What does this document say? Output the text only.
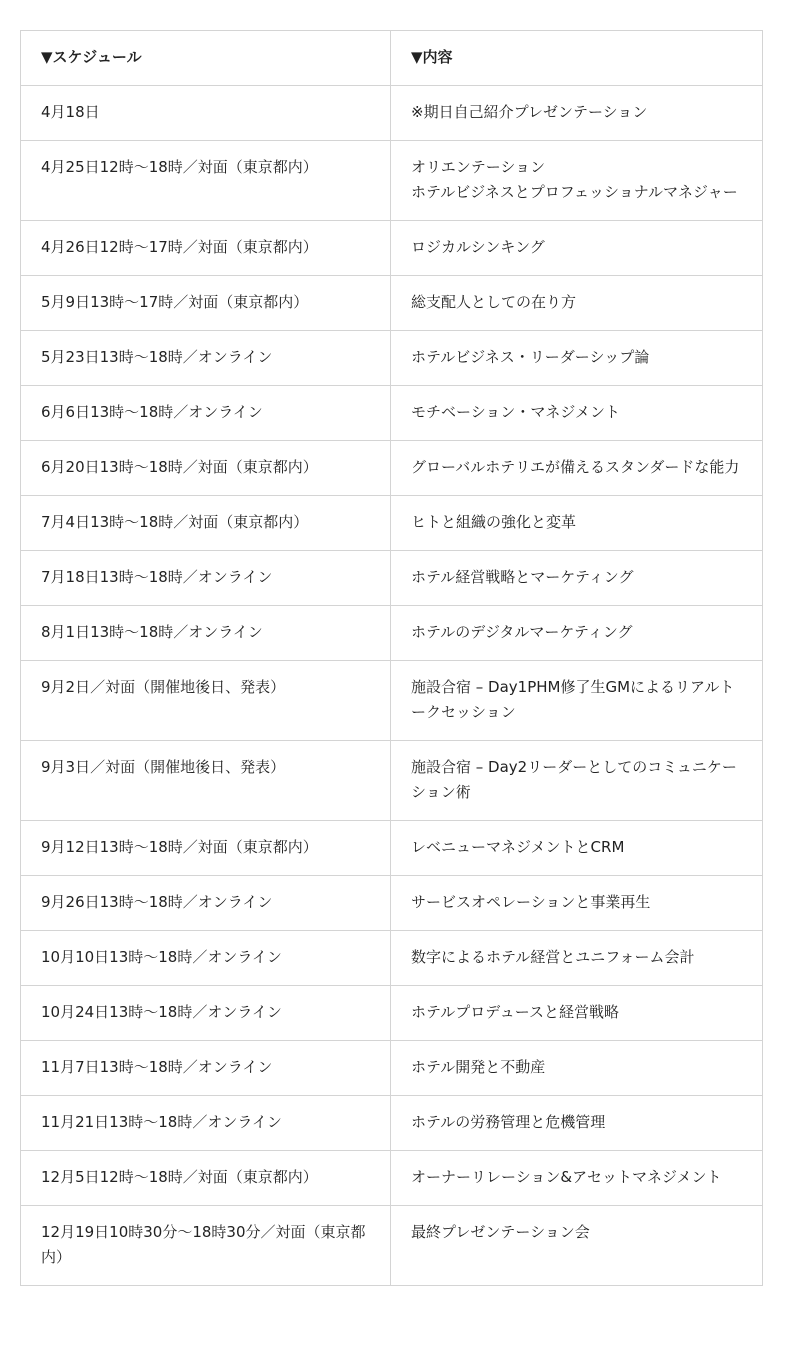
▼スケジュール	▼内容
4月18日	※期日自己紹介プレゼンテーション
4月25日12時〜18時／対面（東京都内）	オリエンテーション
ホテルビジネスとプロフェッショナルマネジャー
4月26日12時〜17時／対面（東京都内）	ロジカルシンキング
5月9日13時〜17時／対面（東京都内）	総支配人としての在り方
5月23日13時〜18時／オンライン	ホテルビジネス・リーダーシップ論
6月6日13時〜18時／オンライン	モチベーション・マネジメント
6月20日13時〜18時／対面（東京都内）	グローバルホテリエが備えるスタンダードな能力
7月4日13時〜18時／対面（東京都内）	ヒトと組織の強化と変革
7月18日13時〜18時／オンライン	ホテル経営戦略とマーケティング
8月1日13時〜18時／オンライン	ホテルのデジタルマーケティング
9月2日／対面（開催地後日、発表）	施設合宿 – Day1PHM修了生GMによるリアルトークセッション
9月3日／対面（開催地後日、発表）	施設合宿 – Day2リーダーとしてのコミュニケーション術
9月12日13時〜18時／対面（東京都内）	レベニューマネジメントとCRM
9月26日13時〜18時／オンライン	サービスオペレーションと事業再生
10月10日13時〜18時／オンライン	数字によるホテル経営とユニフォーム会計
10月24日13時〜18時／オンライン	ホテルプロデュースと経営戦略
11月7日13時〜18時／オンライン	ホテル開発と不動産
11月21日13時〜18時／オンライン	ホテルの労務管理と危機管理
12月5日12時〜18時／対面（東京都内）	オーナーリレーション&アセットマネジメント
12月19日10時30分〜18時30分／対面（東京都内）	最終プレゼンテーション会
